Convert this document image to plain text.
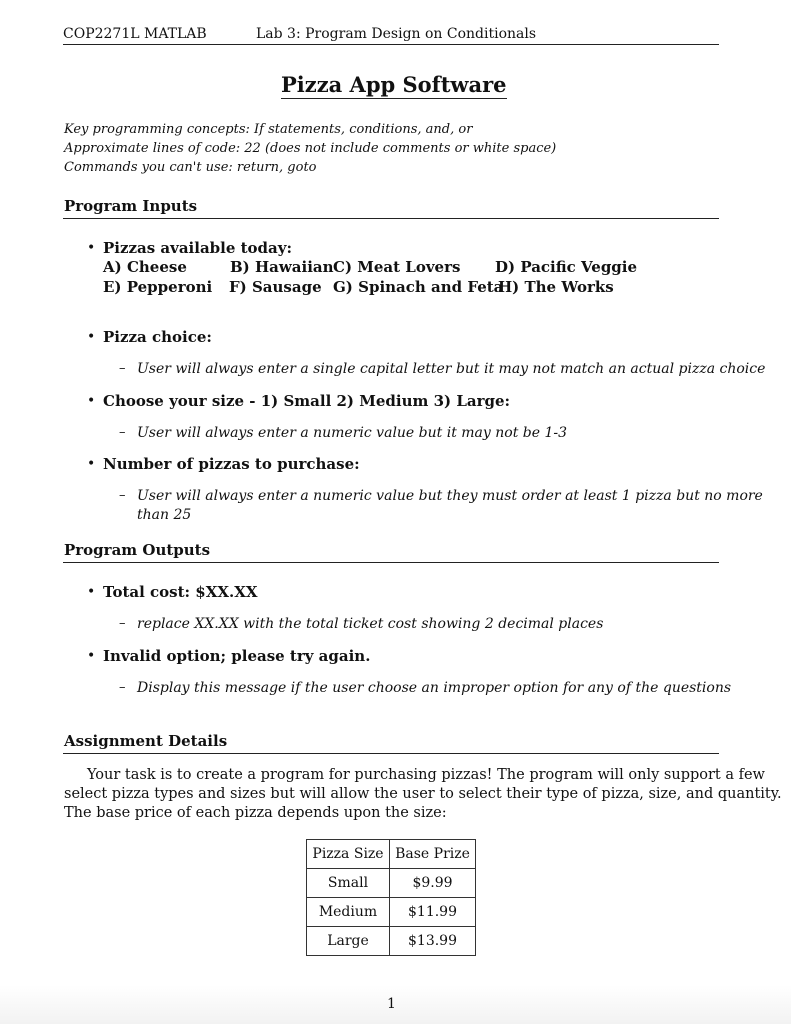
COP2271L MATLAB	Lab 3: Program Design on Conditionals
Pizza App Software
Key programming concepts: If statements, conditions, and, or
Approximate lines of code: 22 (does not include comments or white space)
Commands you can't use: return, goto
Program Inputs
• Pizzas available today:
A) Cheese	B) Hawaiian C) Meat Lovers D) Pacific Veggie
E) Pepperoni F) Sausage G) Spinach and Feta
H) The Works
• Pizza choice:
– User will always enter a single capital letter but it may not match an actual pizza choice
• Choose your size - 1) Small 2) Medium 3) Large:
– User will always enter a numeric value but it may not be 1-3
• Number of pizzas to purchase:
– User will always enter a numeric value but they must order at least 1 pizza but no more
than 25
Program Outputs
• Total cost: $XX.XX
– replace XX.XX with the total ticket cost showing 2 decimal places
• Invalid option; please try again.
– Display this message if the user choose an improper option for any of the questions
Assignment Details
Your task is to create a program for purchasing pizzas! The program will only support a few
select pizza types and sizes but will allow the user to select their type of pizza, size, and quantity.
The base price of each pizza depends upon the size:
Pizza Size	Base Prize
Small	$9.99
Medium	$11.99
Large	$13.99
1
